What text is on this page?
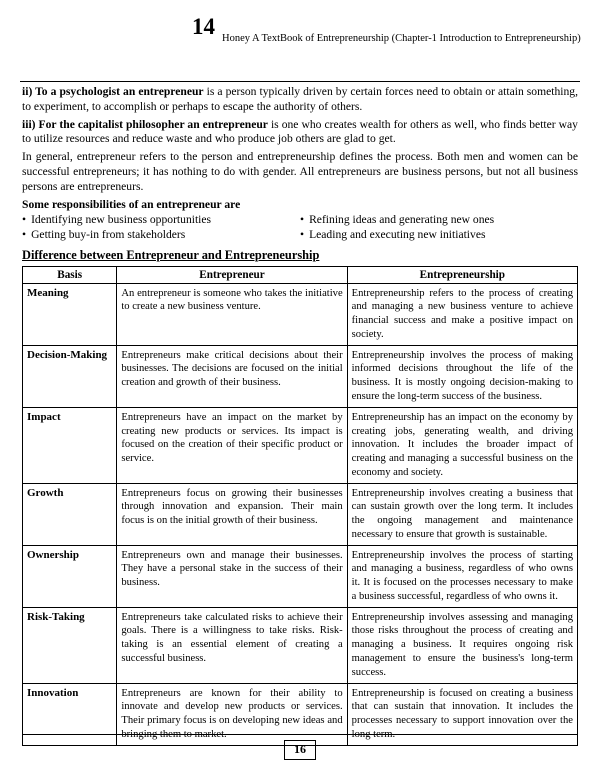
14 Honey A TextBook of Entrepreneurship (Chapter-1 Introduction to Entrepreneurship)
ii) To a psychologist an entrepreneur is a person typically driven by certain forces need to obtain or attain something, to experiment, to accomplish or perhaps to escape the authority of others.
iii) For the capitalist philosopher an entrepreneur is one who creates wealth for others as well, who finds better way to utilize resources and reduce waste and who produce job others are glad to get.
In general, entrepreneur refers to the person and entrepreneurship defines the process. Both men and women can be successful entrepreneurs; it has nothing to do with gender. All entrepreneurs are business persons, but not all business persons are entrepreneurs.
Some responsibilities of an entrepreneur are
• Identifying new business opportunities
• Getting buy-in from stakeholders
• Refining ideas and generating new ones
• Leading and executing new initiatives
Difference between Entrepreneur and Entrepreneurship
Basis	Entrepreneur	Entrepreneurship
Meaning	An entrepreneur is someone who takes the initiative to create a new business venture.	Entrepreneurship refers to the process of creating and managing a new business venture to achieve financial success and make a positive impact on society.
Decision-Making	Entrepreneurs make critical decisions about their businesses. The decisions are focused on the initial creation and growth of their business.	Entrepreneurship involves the process of making informed decisions throughout the life of the business. It is mostly ongoing decision-making to ensure the long-term success of the business.
Impact	Entrepreneurs have an impact on the market by creating new products or services. Its impact is focused on the creation of their specific product or service.	Entrepreneurship has an impact on the economy by creating jobs, generating wealth, and driving innovation. It includes the broader impact of creating and managing a successful business on the economy and society.
Growth	Entrepreneurs focus on growing their businesses through innovation and expansion. Their main focus is on the initial growth of their business.	Entrepreneurship involves creating a business that can sustain growth over the long term. It includes the ongoing management and maintenance necessary to ensure that growth is sustainable.
Ownership	Entrepreneurs own and manage their businesses. They have a personal stake in the success of their business.	Entrepreneurship involves the process of starting and managing a business, regardless of who owns it. It is focused on the processes necessary to make a business successful, regardless of who owns it.
Risk-Taking	Entrepreneurs take calculated risks to achieve their goals. There is a willingness to take risks. Risk-taking is an essential element of creating a successful business.	Entrepreneurship involves assessing and managing those risks throughout the process of creating and managing a business. It requires ongoing risk management to ensure the business's long-term success.
Innovation	Entrepreneurs are known for their ability to innovate and develop new products or services. Their primary focus is on developing new ideas and bringing them to market.	Entrepreneurship is focused on creating a business that can sustain that innovation. It includes the processes necessary to support innovation over the long term.
16
